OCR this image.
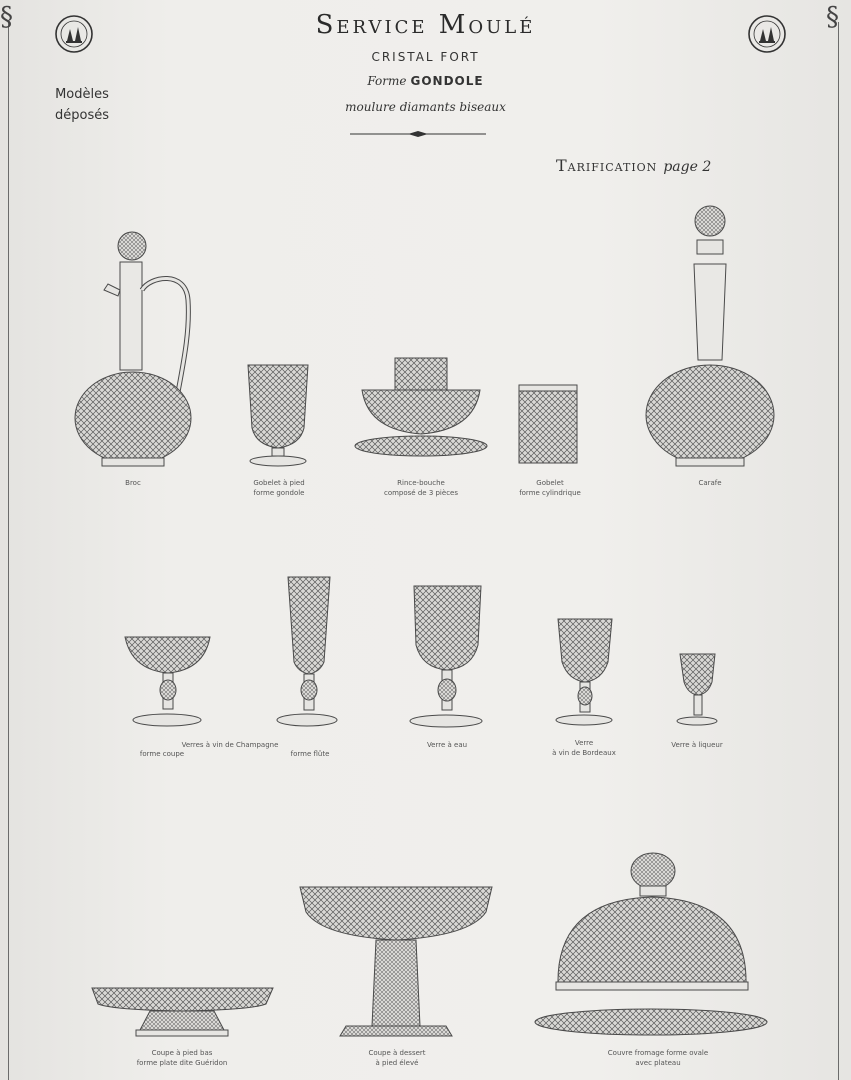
§	§
Service Moulé
CRISTAL FORT
Forme GONDOLE
moulure diamants biseaux
Modèles
déposés
Tarification page 2
Broc	Gobelet à pied
forme gondole
Rince-bouche
composé de 3 pièces
Gobelet
forme cylindrique
Carafe
Verres à vin de Champagne
forme coupe	forme flûte
Verre à eau	Verre
à vin de Bordeaux
Verre à liqueur
Coupe à pied bas
forme plate dite Guéridon
Coupe à dessert
à pied élevé
Couvre fromage forme ovale
avec plateau
